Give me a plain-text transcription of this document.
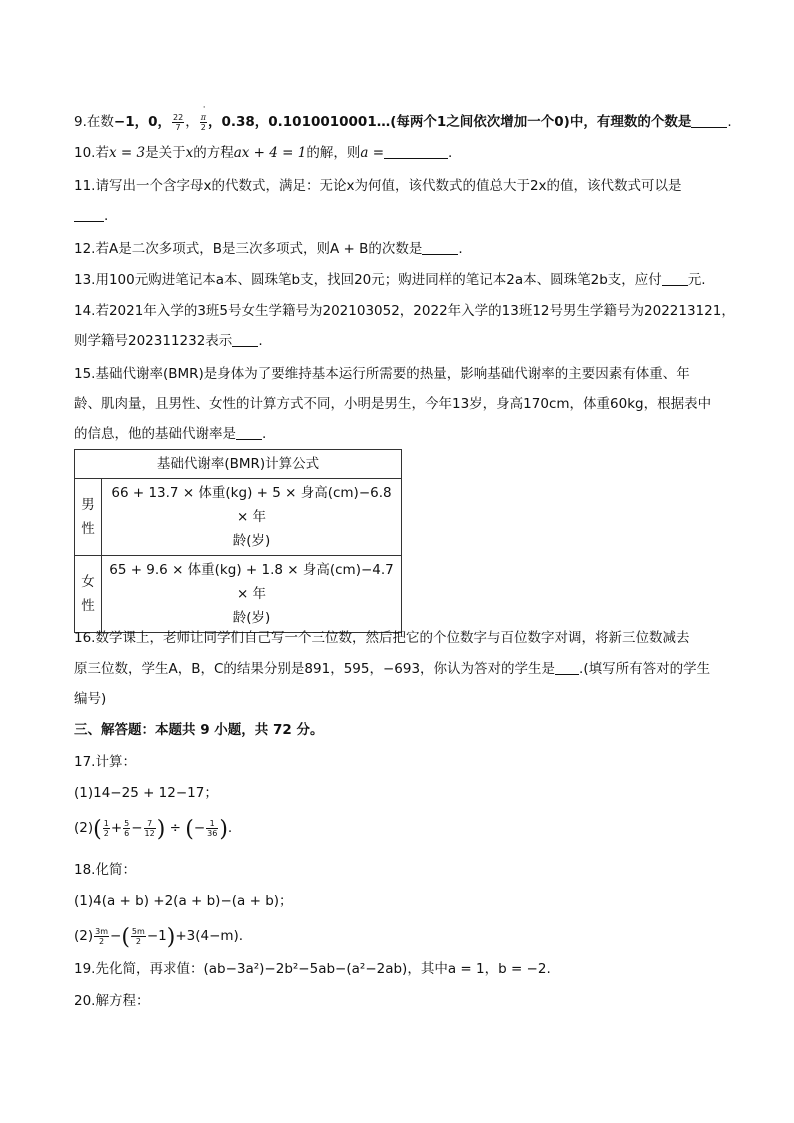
9.在数−1，0， $\frac{22}{7}$ ，
·
π
2 ，0.38，0.1010010001…(每两个1之间依次增加一个0)中，有理数的个数是	.
10.若x = 3是关于x的方程ax + 4 = 1的解，则a =	.
11.请写出一个含字母x的代数式，满足：无论x为何值，该代数式的值总大于2x的值，该代数式可以是
.
12.若A是二次多项式，B是三次多项式，则A + B的次数是	.
13.用100元购进笔记本a本、圆珠笔b支，找回20元；购进同样的笔记本2a本、圆珠笔2b支，应付 元.
14.若2021年入学的3班5号女生学籍号为202103052，2022年入学的13班12号男生学籍号为202213121，
则学籍号202311232表示 .
15.基础代谢率(BMR)是身体为了要维持基本运行所需要的热量，影响基础代谢率的主要因素有体重、年
龄、肌肉量，且男性、女性的计算方式不同，小明是男生，今年13岁，身高170cm，体重60kg，根据表中
的信息，他的基础代谢率是 .
基础代谢率(BMR)计算公式	
男性	66 + 13.7 × 体重(kg) + 5 × 身高(cm)−6.8 × 年
龄(岁)
女性	65 + 9.6 × 体重(kg) + 1.8 × 身高(cm)−4.7 × 年
龄(岁)
16.数学课上，老师让同学们自己写一个三位数，然后把它的个位数字与百位数字对调，将新三位数减去
原三位数，学生A，B，C的结果分别是891，595，−693，你认为答对的学生是 .(填写所有答对的学生
编号)
三、解答题：本题共 9 小题，共 72 分。
17.计算：
(1)14−25 + 12−17；
$(2)( \frac{1}{2} + \frac{5}{6} - \frac{7}{12}$ ) ÷ (− $\frac{1}{36}$ ).
18.化简：
(1)4(a + b) +2(a + b)−(a + b)；
$(2) \frac{3m}{2}$ −( $\frac{5m}{2} -1)+3(4-m)$.
19.先化简，再求值：(ab−3a²)−2b²−5ab−(a²−2ab)，其中a = 1，b = −2.
20.解方程：
